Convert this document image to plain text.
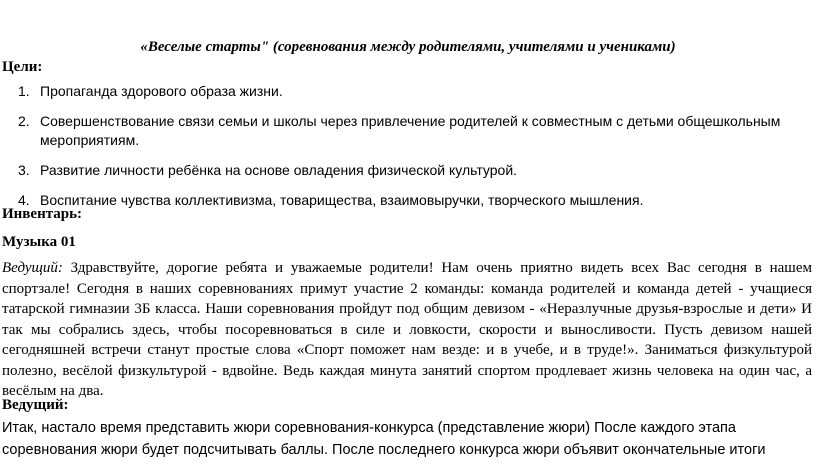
«Веселые старты" (соревнования между родителями, учителями и учениками)
Цели:
1. Пропаганда здорового образа жизни.
2. Совершенствование связи семьи и школы через привлечение родителей к совместным с детьми общешкольным мероприятиям.
3. Развитие личности ребёнка на основе овладения физической культурой.
4. Воспитание чувства коллективизма, товарищества, взаимовыручки, творческого мышления.
Инвентарь:
Музыка 01
Ведущий: Здравствуйте, дорогие ребята и уважаемые родители! Нам очень приятно видеть всех Вас сегодня в нашем спортзале! Сегодня в наших соревнованиях примут участие 2 команды: команда родителей и команда детей - учащиеся татарской гимназии 3Б класса. Наши соревнования пройдут под общим девизом - «Неразлучные друзья-взрослые и дети» И так мы собрались здесь, чтобы посоревноваться в силе и ловкости, скорости и выносливости. Пусть девизом нашей сегодняшней встречи станут простые слова «Спорт поможет нам везде: и в учебе, и в труде!». Заниматься физкультурой полезно, весёлой физкультурой - вдвойне. Ведь каждая минута занятий спортом продлевает жизнь человека на один час, а весёлым на два.
Ведущий:
Итак, настало время представить жюри соревнования-конкурса (представление жюри) После каждого этапа соревнования жюри будет подсчитывать баллы. После последнего конкурса жюри объявит окончательные итоги
